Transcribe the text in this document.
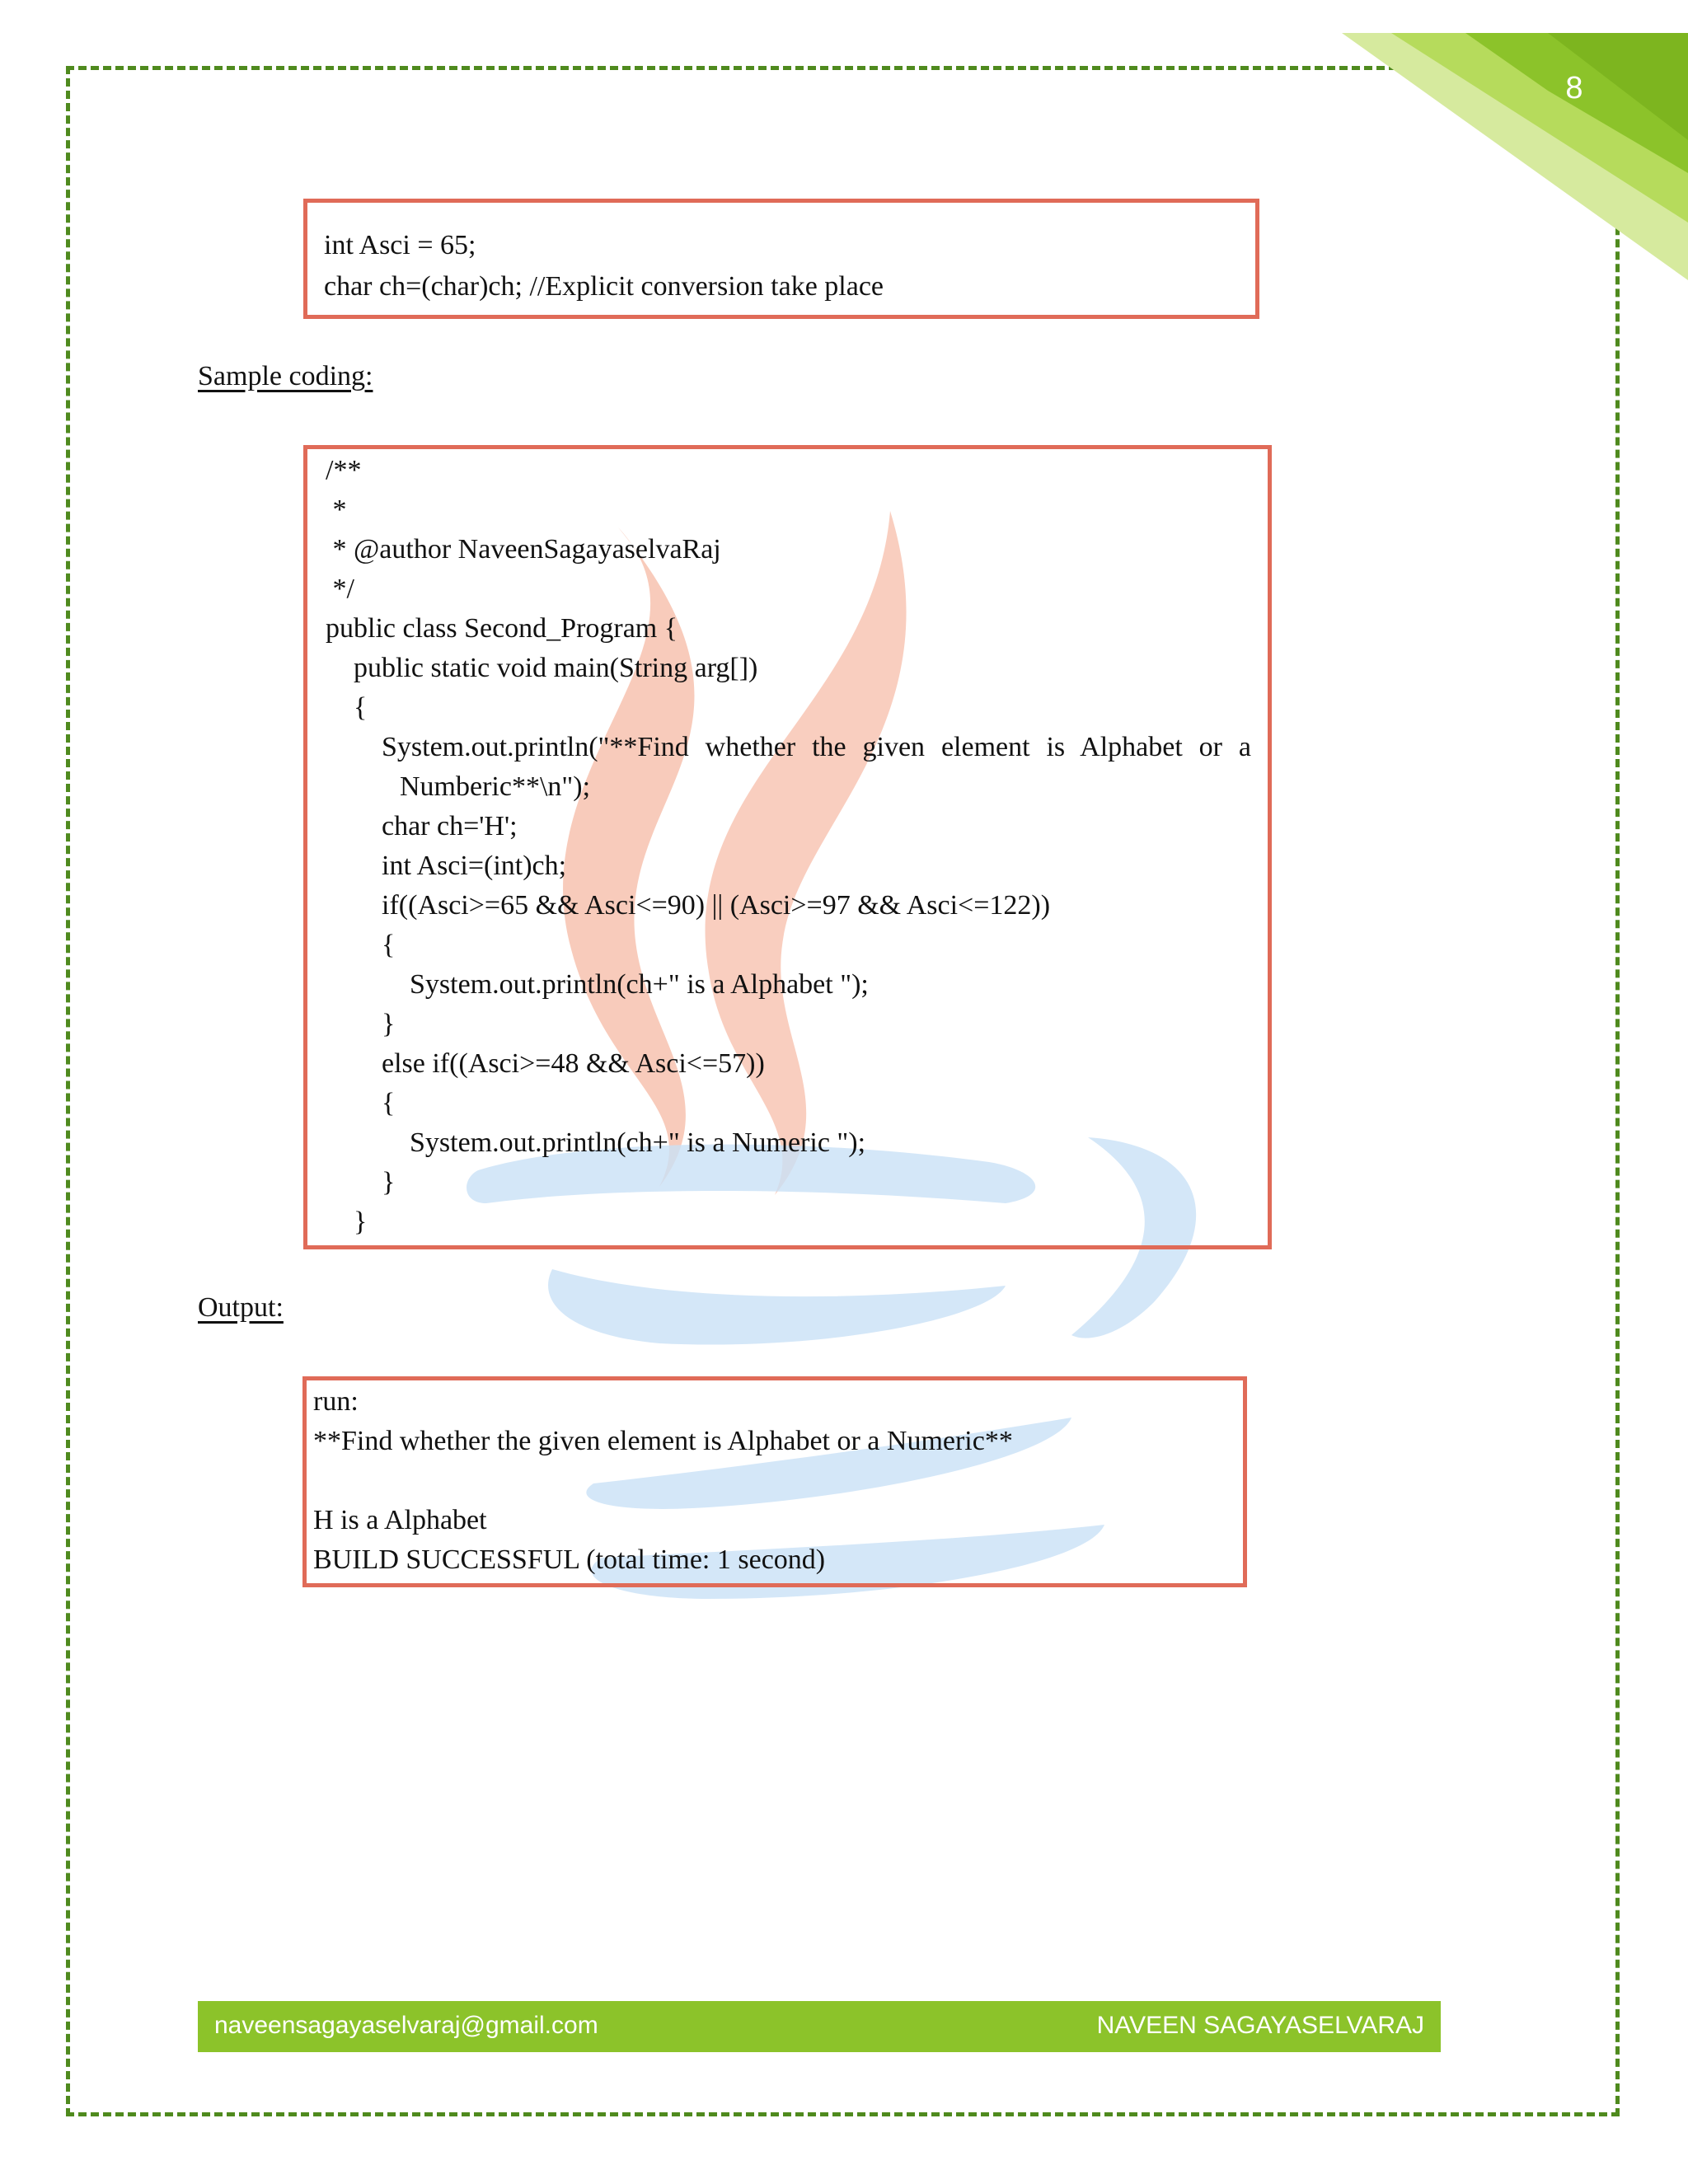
8
int Asci = 65;
char ch=(char)ch; //Explicit conversion take place
Sample coding:
/**
*
* @author NaveenSagayaselvaRaj
*/
public class Second_Program {
public static void main(String arg[])
{
System.out.println("**Find whether the given element is Alphabet or a
Numberic**\n");
char ch='H';
int Asci=(int)ch;
if((Asci>=65 && Asci<=90) || (Asci>=97 && Asci<=122))
{
System.out.println(ch+" is a Alphabet ");
}
else if((Asci>=48 && Asci<=57))
{
System.out.println(ch+" is a Numeric ");
}
}
Output:
run:
**Find whether the given element is Alphabet or a Numeric**
H is a Alphabet
BUILD SUCCESSFUL (total time: 1 second)
naveensagayaselvaraj@gmail.com	NAVEEN SAGAYASELVARAJ
